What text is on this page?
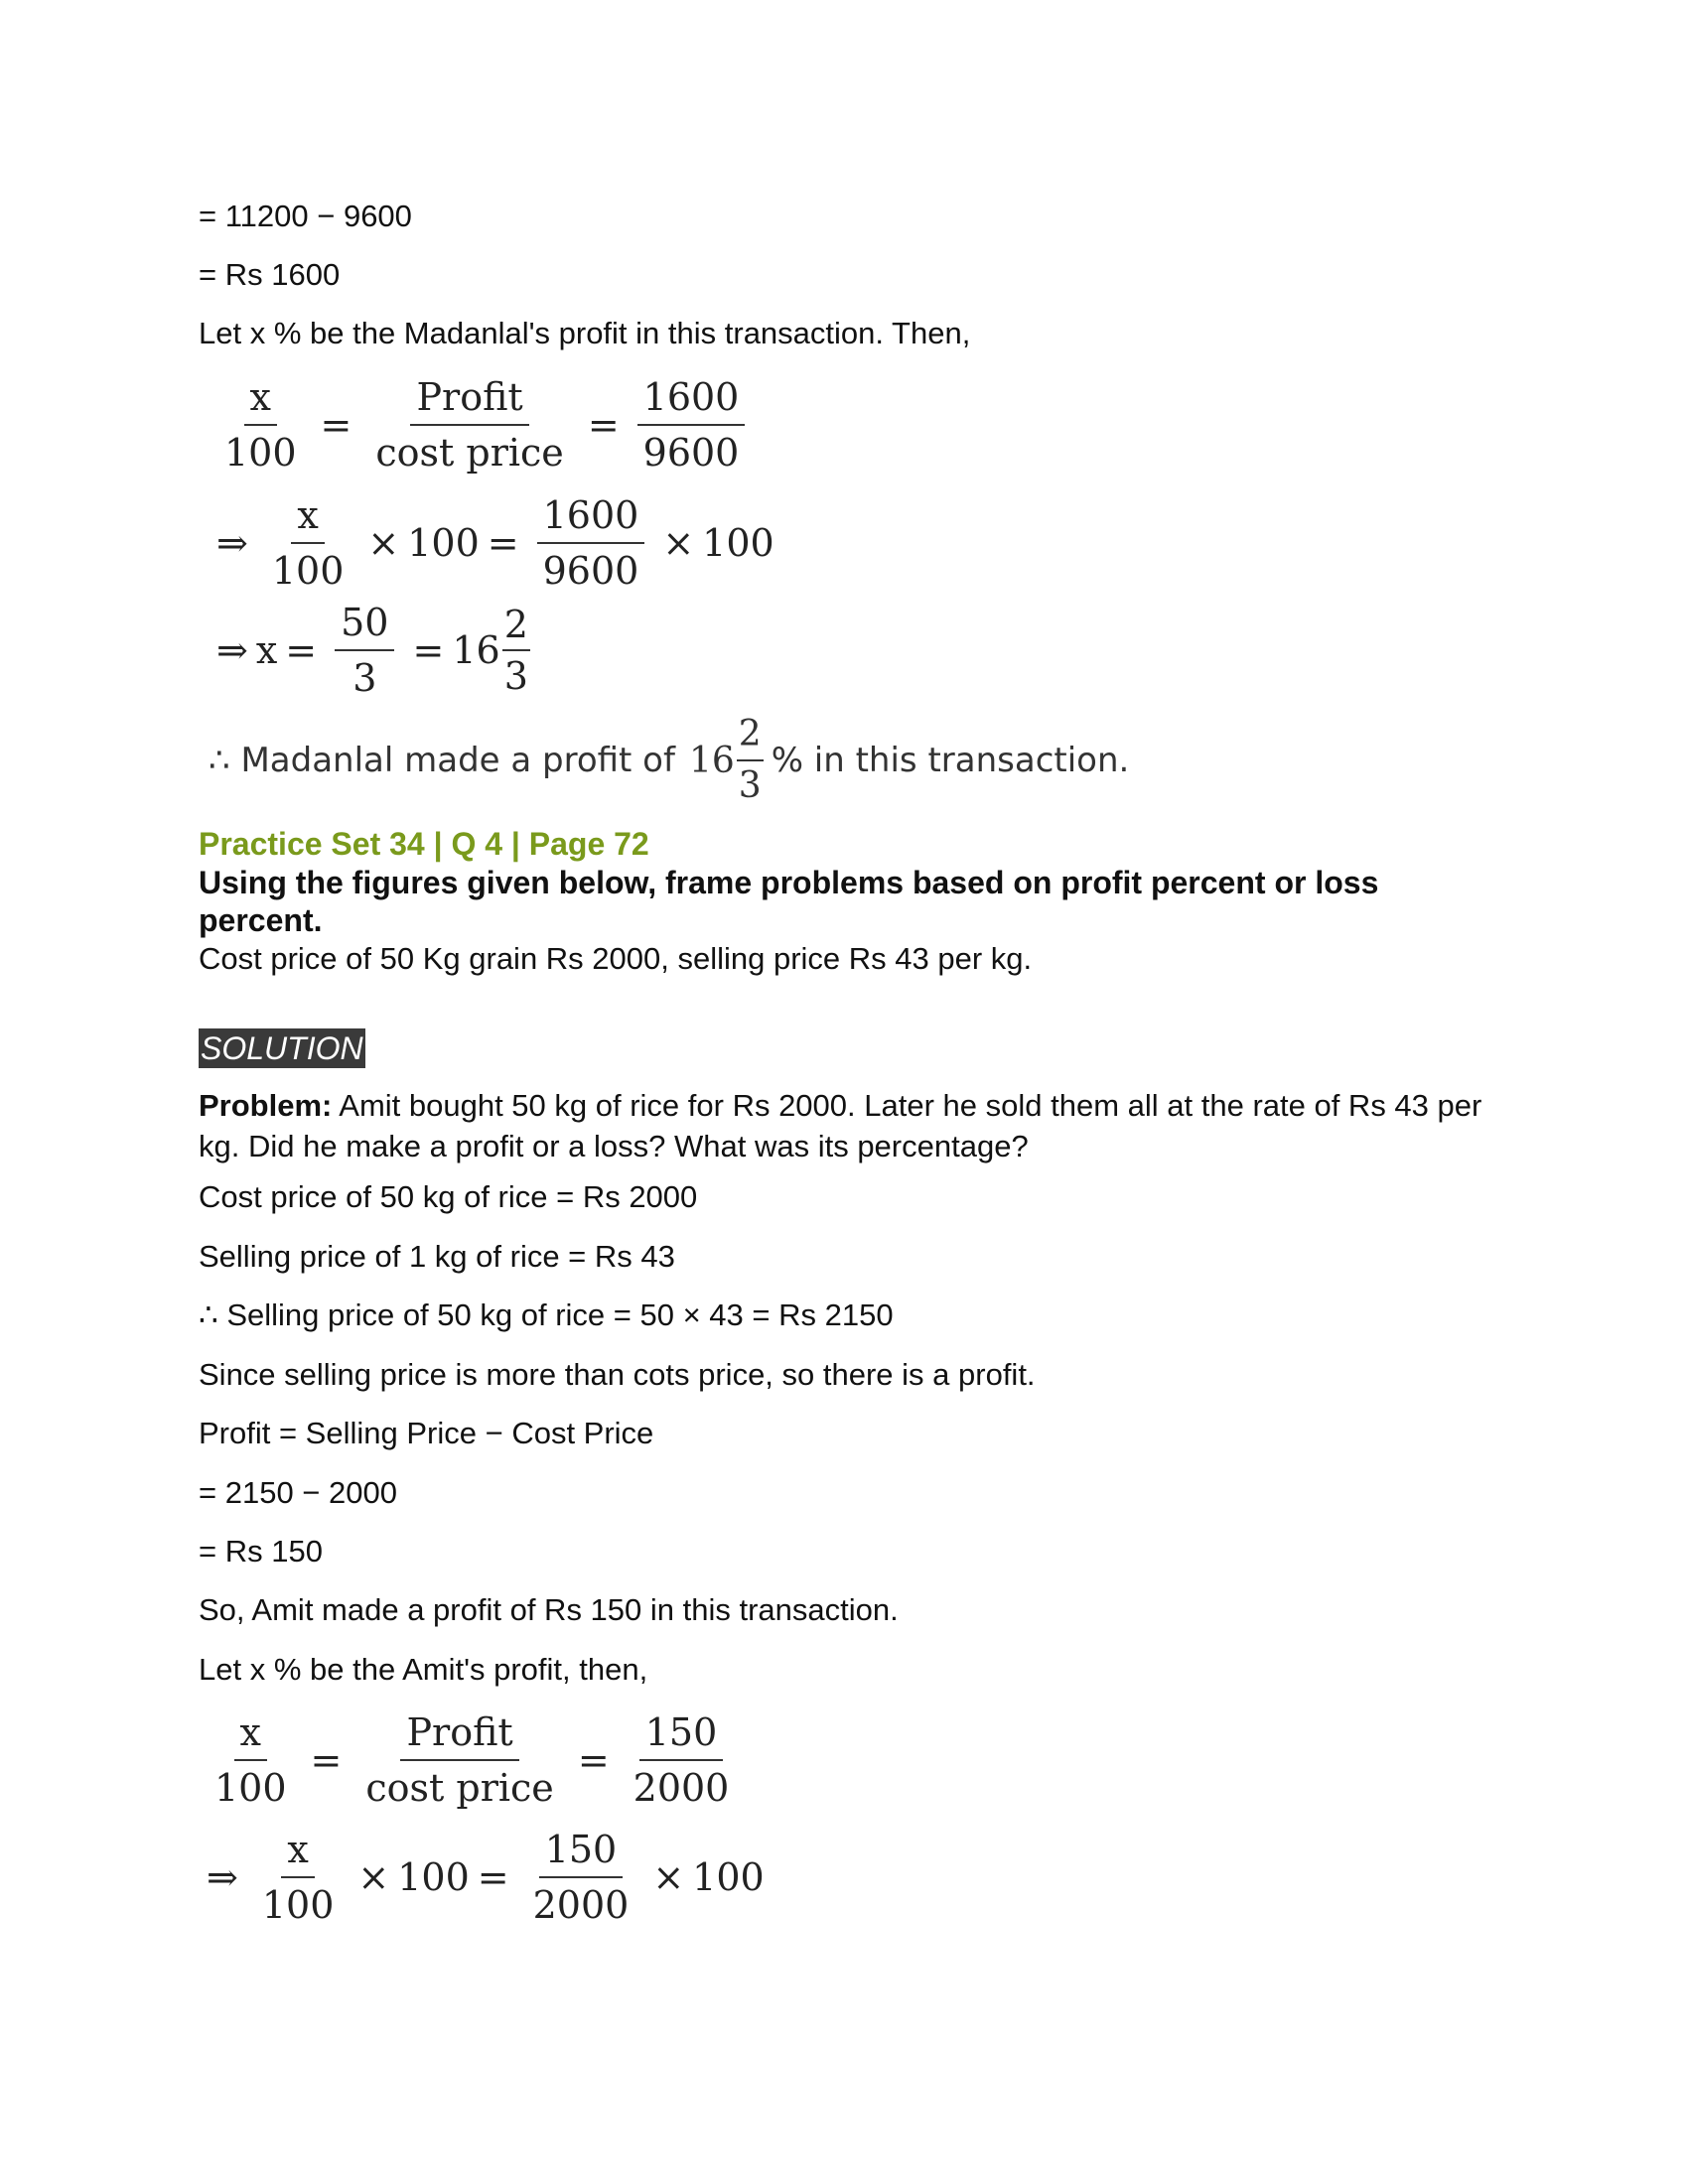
= 11200 − 9600
= Rs 1600
Let x % be the Madanlal's profit in this transaction. Then,
$\frac{x}{100} = \frac{\text{Profit}}{\text{cost price}} = \frac{1600}{9600}$
⇒ $\frac{x}{100} \times 100 = \frac{1600}{9600} \times 100$
⇒ $x = \frac{50}{3} = 16 \frac{2}{3}$
∴ Madanlal made a profit of $16 \frac{2}{3}$ % in this transaction.
Practice Set 34 | Q 4 | Page 72
Using the figures given below, frame problems based on profit percent or loss percent.
Cost price of 50 Kg grain Rs 2000, selling price Rs 43 per kg.
SOLUTION
Problem: Amit bought 50 kg of rice for Rs 2000. Later he sold them all at the rate of Rs 43 per kg. Did he make a profit or a loss? What was its percentage?
Cost price of 50 kg of rice = Rs 2000
Selling price of 1 kg of rice = Rs 43
∴ Selling price of 50 kg of rice = 50 × 43 = Rs 2150
Since selling price is more than cots price, so there is a profit.
Profit = Selling Price − Cost Price
= 2150 − 2000
= Rs 150
So, Amit made a profit of Rs 150 in this transaction.
Let x % be the Amit's profit, then,
$\frac{x}{100} = \frac{\text{Profit}}{\text{cost price}} = \frac{150}{2000}$
⇒ $\frac{x}{100} \times 100 = \frac{150}{2000} \times 100$
